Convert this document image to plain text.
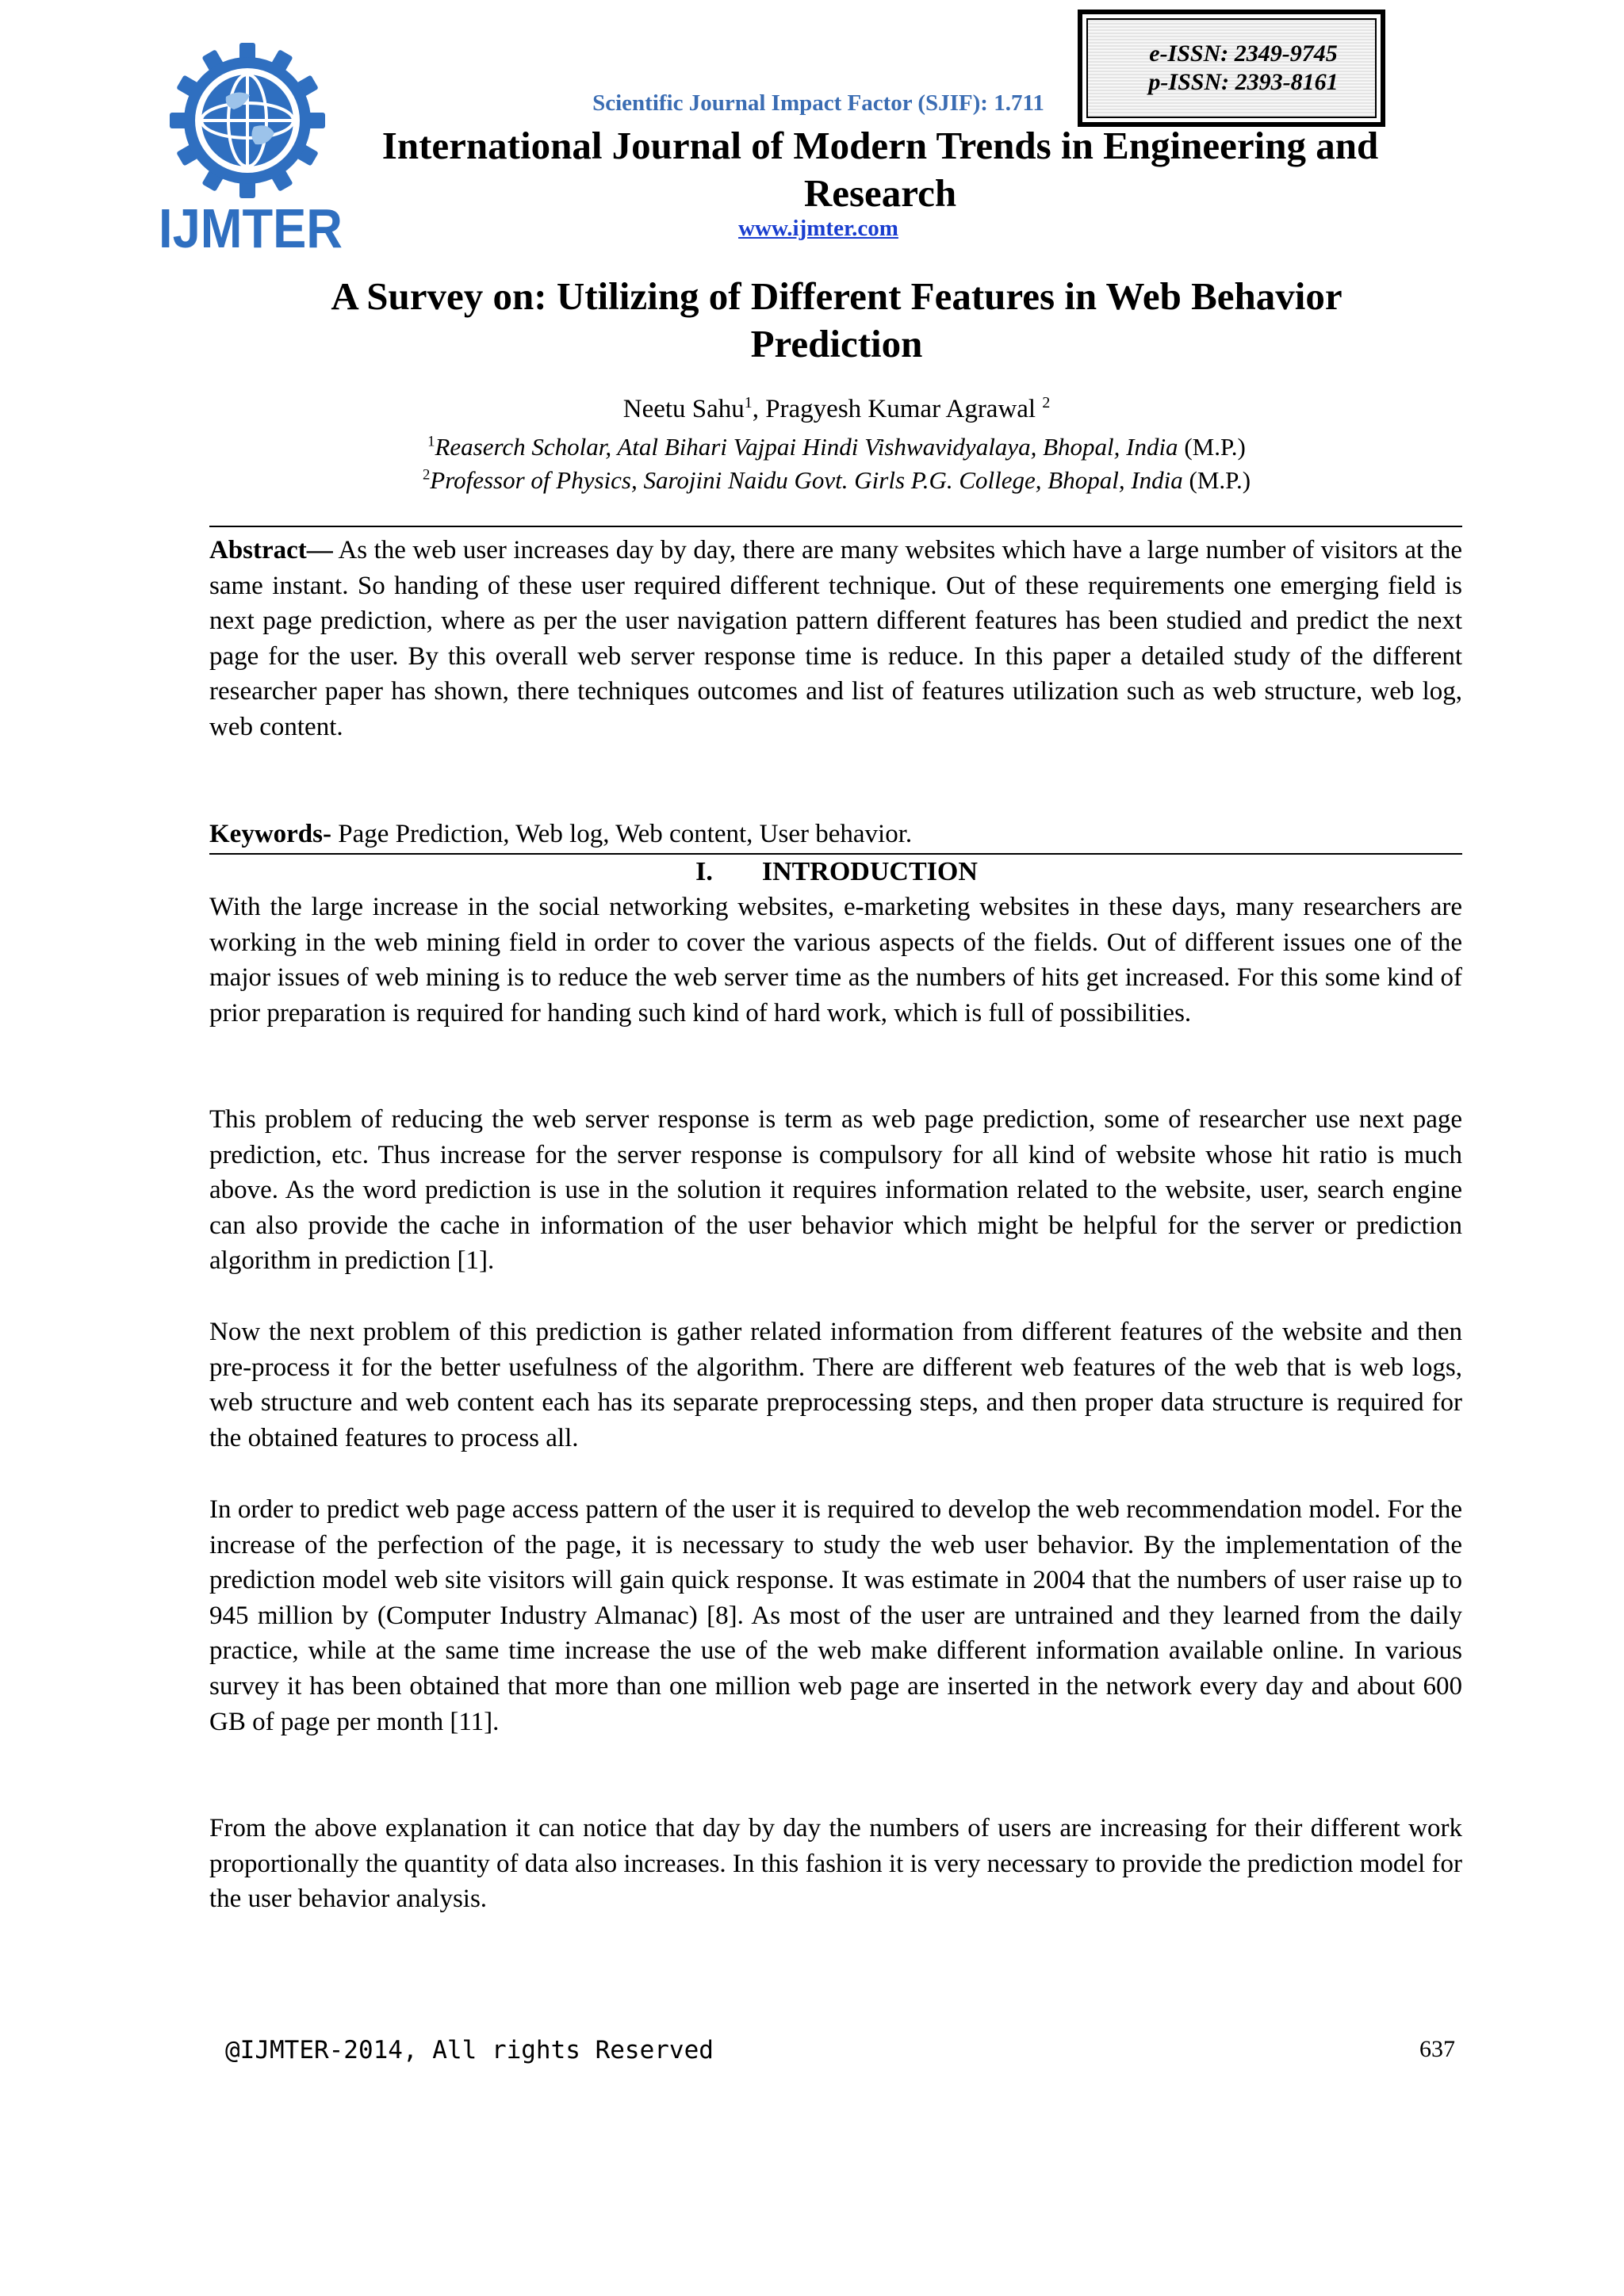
IJMTER
e-ISSN: 2349-9745
p-ISSN: 2393-8161
Scientific Journal Impact Factor (SJIF): 1.711
International Journal of Modern Trends in Engineering and Research
www.ijmter.com
A Survey on: Utilizing of Different Features in Web Behavior Prediction
Neetu Sahu$^1$, Pragyesh Kumar Agrawal $^2$
$^1$Reaserch Scholar, Atal Bihari Vajpai Hindi Vishwavidyalaya, Bhopal, India (M.P.)
$^2$Professor of Physics, Sarojini Naidu Govt. Girls P.G. College, Bhopal, India (M.P.)
Abstract— As the web user increases day by day, there are many websites which have a large number of visitors at the same instant. So handing of these user required different technique. Out of these requirements one emerging field is next page prediction, where as per the user navigation pattern different features has been studied and predict the next page for the user. By this overall web server response time is reduce. In this paper a detailed study of the different researcher paper has shown, there techniques outcomes and list of features utilization such as web structure, web log, web content.
Keywords- Page Prediction, Web log, Web content, User behavior.
I. INTRODUCTION
With the large increase in the social networking websites, e-marketing websites in these days, many researchers are working in the web mining field in order to cover the various aspects of the fields. Out of different issues one of the major issues of web mining is to reduce the web server time as the numbers of hits get increased. For this some kind of prior preparation is required for handing such kind of hard work, which is full of possibilities.
This problem of reducing the web server response is term as web page prediction, some of researcher use next page prediction, etc. Thus increase for the server response is compulsory for all kind of website whose hit ratio is much above. As the word prediction is use in the solution it requires information related to the website, user, search engine can also provide the cache in information of the user behavior which might be helpful for the server or prediction algorithm in prediction [1].
Now the next problem of this prediction is gather related information from different features of the website and then pre-process it for the better usefulness of the algorithm. There are different web features of the web that is web logs, web structure and web content each has its separate preprocessing steps, and then proper data structure is required for the obtained features to process all.
In order to predict web page access pattern of the user it is required to develop the web recommendation model. For the increase of the perfection of the page, it is necessary to study the web user behavior. By the implementation of the prediction model web site visitors will gain quick response. It was estimate in 2004 that the numbers of user raise up to 945 million by (Computer Industry Almanac) [8]. As most of the user are untrained and they learned from the daily practice, while at the same time increase the use of the web make different information available online. In various survey it has been obtained that more than one million web page are inserted in the network every day and about 600 GB of page per month [11].
From the above explanation it can notice that day by day the numbers of users are increasing for their different work proportionally the quantity of data also increases. In this fashion it is very necessary to provide the prediction model for the user behavior analysis.
@IJMTER-2014, All rights Reserved	637
